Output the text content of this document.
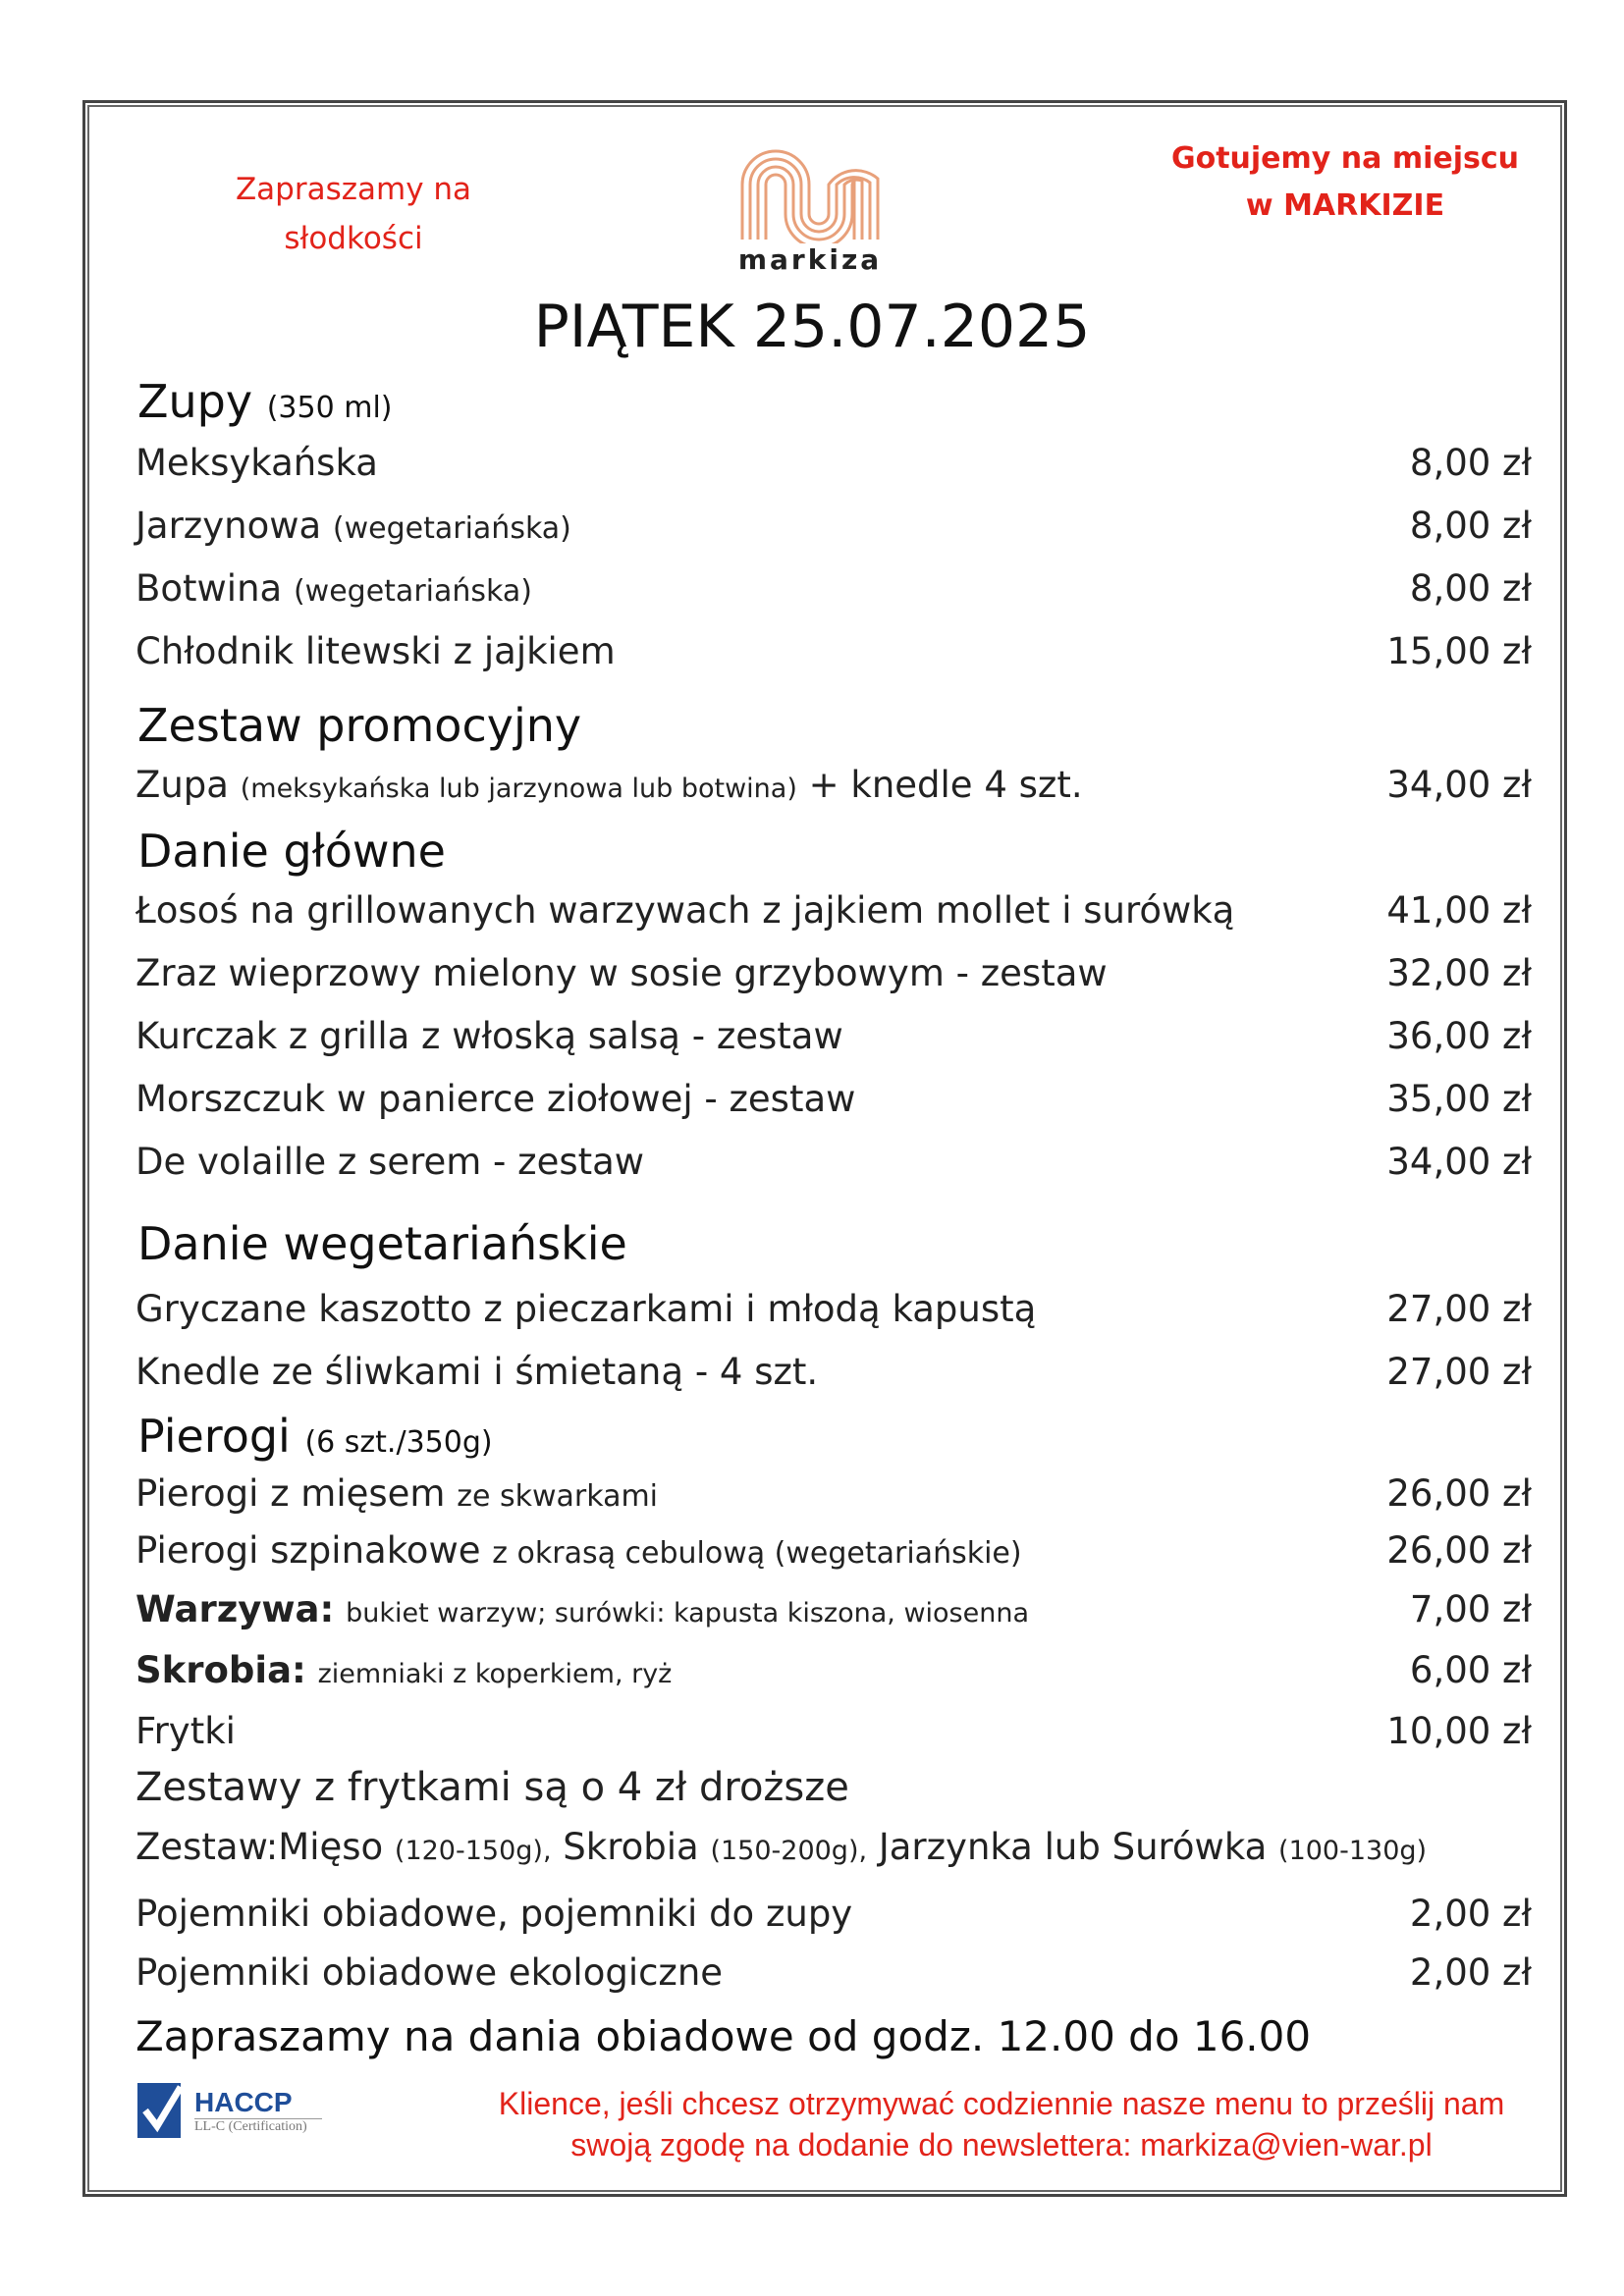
Zapraszamy na
słodkości
Gotujemy na miejscu
w MARKIZIE
markiza
PIĄTEK 25.07.2025
Zupy (350 ml)
Meksykańska	8,00 zł
Jarzynowa (wegetariańska)	8,00 zł
Botwina (wegetariańska)	8,00 zł
Chłodnik litewski z jajkiem	15,00 zł
Zestaw promocyjny
Zupa (meksykańska lub jarzynowa lub botwina) + knedle 4 szt.	34,00 zł
Danie główne
Łosoś na grillowanych warzywach z jajkiem mollet i surówką	41,00 zł
Zraz wieprzowy mielony w sosie grzybowym - zestaw	32,00 zł
Kurczak z grilla z włoską salsą - zestaw	36,00 zł
Morszczuk w panierce ziołowej - zestaw	35,00 zł
De volaille z serem - zestaw	34,00 zł
Danie wegetariańskie
Gryczane kaszotto z pieczarkami i młodą kapustą	27,00 zł
Knedle ze śliwkami i śmietaną - 4 szt.	27,00 zł
Pierogi (6 szt./350g)
Pierogi z mięsem ze skwarkami	26,00 zł
Pierogi szpinakowe z okrasą cebulową (wegetariańskie)	26,00 zł
Warzywa: bukiet warzyw; surówki: kapusta kiszona, wiosenna	7,00 zł
Skrobia: ziemniaki z koperkiem, ryż	6,00 zł
Frytki	10,00 zł
Zestawy z frytkami są o 4 zł droższe
Zestaw:Mięso (120-150g), Skrobia (150-200g), Jarzynka lub Surówka (100-130g)
Pojemniki obiadowe, pojemniki do zupy	2,00 zł
Pojemniki obiadowe ekologiczne	2,00 zł
Zapraszamy na dania obiadowe od godz. 12.00 do 16.00
HACCP
LL-C (Certification)
Klience, jeśli chcesz otrzymywać codziennie nasze menu to prześlij nam
swoją zgodę na dodanie do newslettera: markiza@vien-war.pl
